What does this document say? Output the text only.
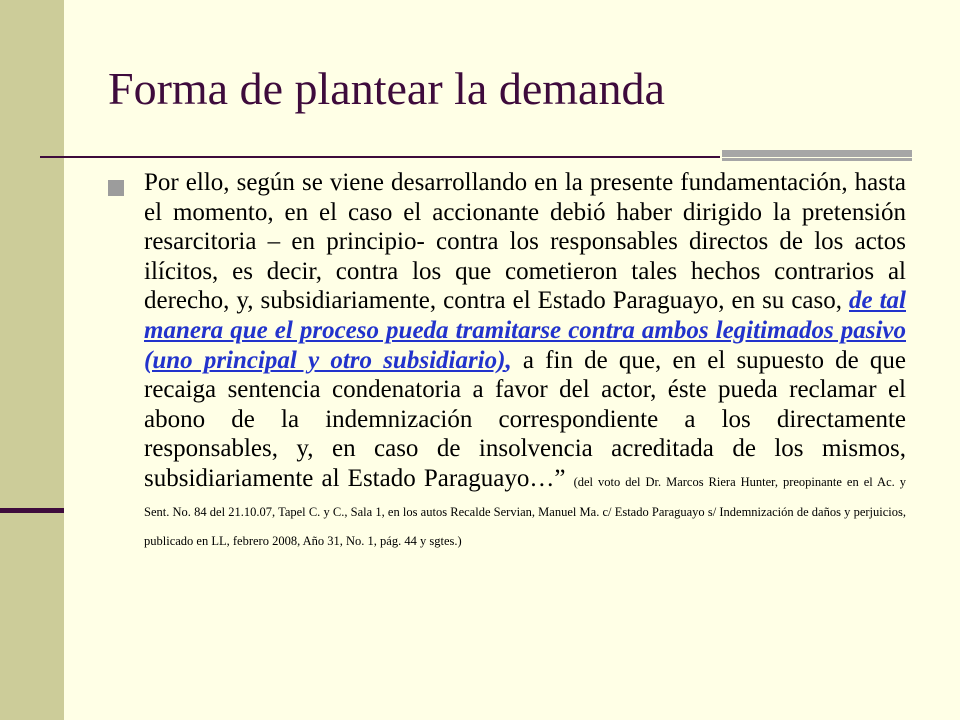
Forma de plantear la demanda

Por ello, según se viene desarrollando en la presente fundamentación, hasta el momento, en el caso el accionante debió haber dirigido la pretensión resarcitoria – en principio- contra los responsables directos de los actos ilícitos, es decir, contra los que cometieron tales hechos contrarios al derecho, y, subsidiariamente, contra el Estado Paraguayo, en su caso, de tal manera que el proceso pueda tramitarse contra ambos legitimados pasivo (uno principal y otro subsidiario), a fin de que, en el supuesto de que recaiga sentencia condenatoria a favor del actor, éste pueda reclamar el abono de la indemnización correspondiente a los directamente responsables, y, en caso de insolvencia acreditada de los mismos, subsidiariamente al Estado Paraguayo…” (del voto del Dr. Marcos Riera Hunter, preopinante en el Ac. y Sent. No. 84 del 21.10.07, Tapel C. y C., Sala 1, en los autos Recalde Servian, Manuel Ma. c/ Estado Paraguayo s/ Indemnización de daños y perjuicios, publicado en LL, febrero 2008, Año 31, No. 1, pág. 44 y sgtes.)
